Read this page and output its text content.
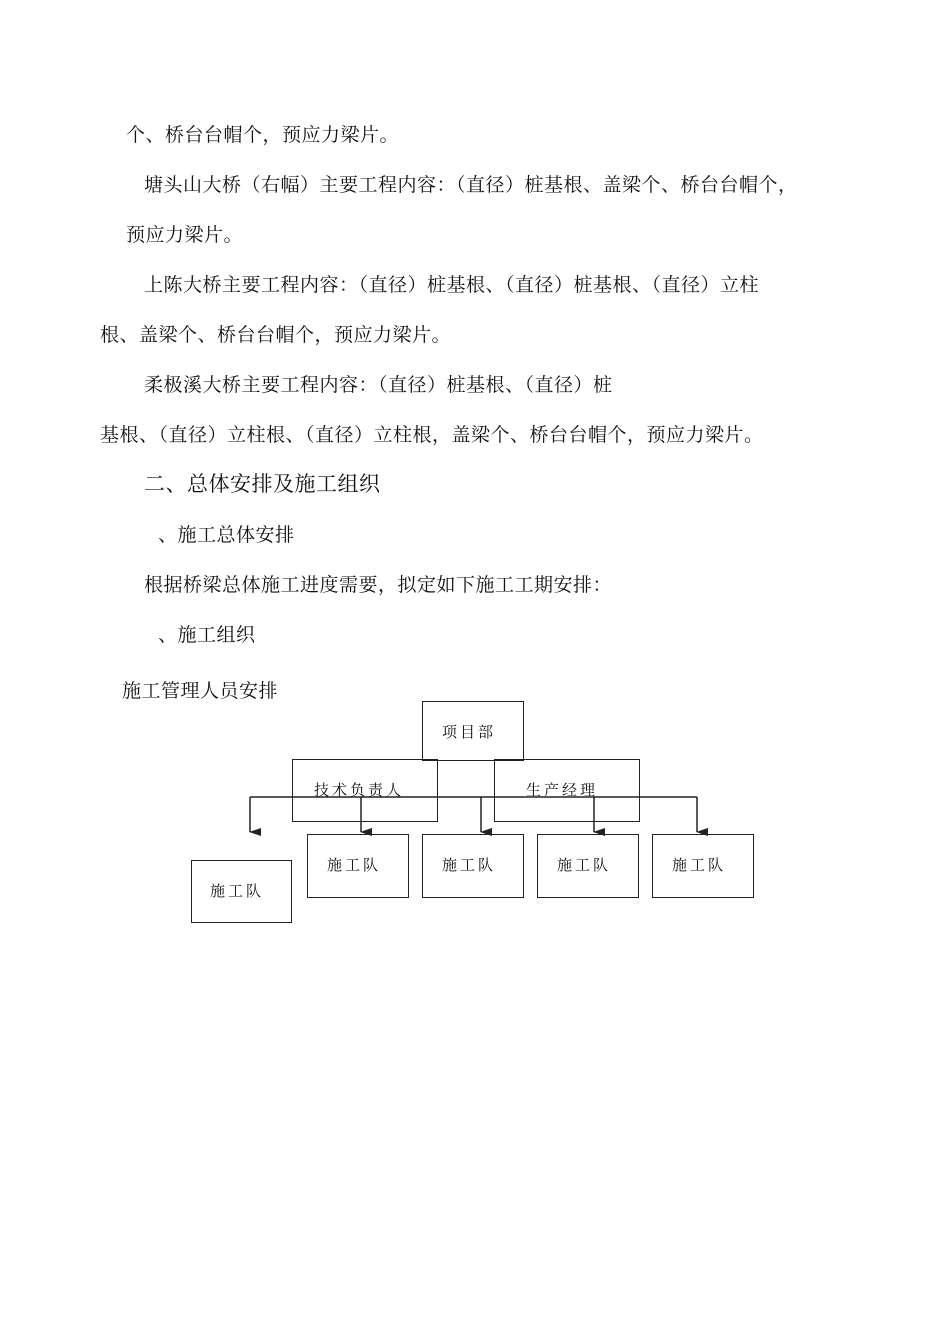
个、桥台台帽个，预应力梁片。
塘头山大桥（右幅）主要工程内容：（直径）桩基根、盖梁个、桥台台帽个，
预应力梁片。
上陈大桥主要工程内容：（直径）桩基根、（直径）桩基根、（直径）立柱
根、盖梁个、桥台台帽个，预应力梁片。
柔极溪大桥主要工程内容：（直径）桩基根、（直径）桩
基根、（直径）立柱根、（直径）立柱根，盖梁个、桥台台帽个，预应力梁片。
二、总体安排及施工组织
、施工总体安排
根据桥梁总体施工进度需要，拟定如下施工工期安排：
、施工组织
施工管理人员安排
项目部
技术负责人	生产经理
施工队
施工队	施工队	施工队	施工队
